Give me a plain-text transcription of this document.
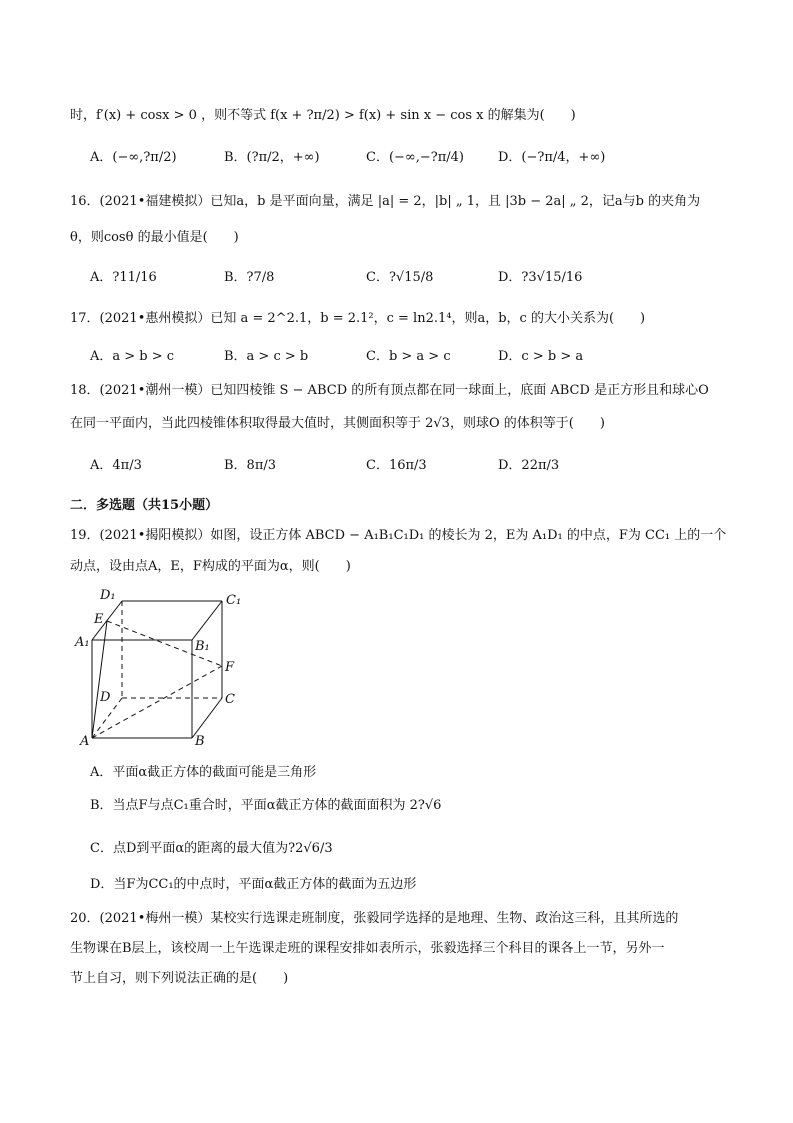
时，f′(x) + cosx > 0 ，则不等式 f(x + ?π/2) > f(x) + sin x − cos x 的解集为(　　)
A．(−∞,?π/2)	B．(?π/2，+∞)	C．(−∞,−?π/4)	D．(−?π/4，+∞)
16．(2021•福建模拟）已知a，b 是平面向量，满足 |a| = 2，|b| „ 1，且 |3b − 2a| „ 2，记a与b 的夹角为
θ，则cosθ 的最小值是(　　)
A．?11/16	B．?7/8	C．?√15/8	D．?3√15/16
17．(2021•惠州模拟）已知 a = 2^2.1，b = 2.1²，c = ln2.1⁴，则a，b，c 的大小关系为(　　)
A．a > b > c	B．a > c > b	C．b > a > c	D．c > b > a
18．(2021•潮州一模）已知四棱锥 S − ABCD 的所有顶点都在同一球面上，底面 ABCD 是正方形且和球心O
在同一平面内，当此四棱锥体积取得最大值时，其侧面积等于 2√3，则球O 的体积等于(　　)
A．4π/3	B．8π/3	C．16π/3	D．22π/3
二．多选题（共15小题）
19．(2021•揭阳模拟）如图，设正方体 ABCD − A₁B₁C₁D₁ 的棱长为 2，E为 A₁D₁ 的中点，F为 CC₁ 上的一个
动点，设由点A，E，F构成的平面为α，则(　　)
D₁	C₁
E
A₁	B₁
F
D	C
A	B
A．平面α截正方体的截面可能是三角形
B．当点F与点C₁重合时，平面α截正方体的截面面积为 2?√6
C．点D到平面α的距离的最大值为?2√6/3
D．当F为CC₁的中点时，平面α截正方体的截面为五边形
20．(2021•梅州一模）某校实行选课走班制度，张毅同学选择的是地理、生物、政治这三科，且其所选的
生物课在B层上，该校周一上午选课走班的课程安排如表所示，张毅选择三个科目的课各上一节，另外一
节上自习，则下列说法正确的是(　　)
